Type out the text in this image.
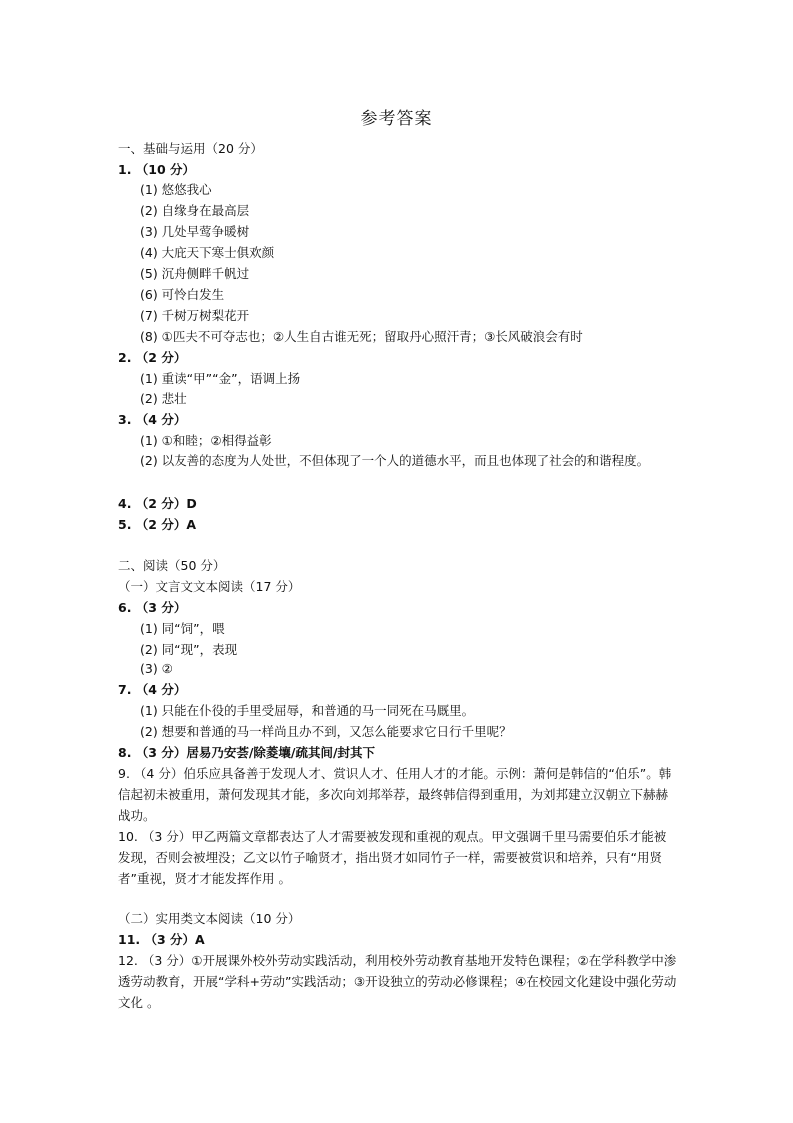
参考答案
一、基础与运用（20 分）
1. （10 分）
(1) 悠悠我心
(2) 自缘身在最高层
(3) 几处早莺争暖树
(4) 大庇天下寒士俱欢颜
(5) 沉舟侧畔千帆过
(6) 可怜白发生
(7) 千树万树梨花开
(8) ①匹夫不可夺志也；②人生自古谁无死；留取丹心照汗青；③长风破浪会有时
2. （2 分）
(1) 重读“甲”“金”，语调上扬
(2) 悲壮
3. （4 分）
(1) ①和睦；②相得益彰
(2) 以友善的态度为人处世，不但体现了一个人的道德水平，而且也体现了社会的和谐程度。
4. （2 分）D
5. （2 分）A
二、阅读（50 分）
（一）文言文文本阅读（17 分）
6. （3 分）
(1) 同“饲”，喂
(2) 同“现”，表现
(3) ②
7. （4 分）
(1) 只能在仆役的手里受屈辱，和普通的马一同死在马厩里。
(2) 想要和普通的马一样尚且办不到，又怎么能要求它日行千里呢？
8. （3 分）居易乃安荟/除菱壤/疏其间/封其下
9. （4 分）伯乐应具备善于发现人才、赏识人才、任用人才的才能。示例：萧何是韩信的“伯乐”。韩信起初未被重用，萧何发现其才能，多次向刘邦举荐，最终韩信得到重用，为刘邦建立汉朝立下赫赫战功。
10. （3 分）甲乙两篇文章都表达了人才需要被发现和重视的观点。甲文强调千里马需要伯乐才能被发现，否则会被埋没；乙文以竹子喻贤才，指出贤才如同竹子一样，需要被赏识和培养，只有“用贤者”重视，贤才才能发挥作用 。
（二）实用类文本阅读（10 分）
11. （3 分）A
12. （3 分）①开展课外校外劳动实践活动，利用校外劳动教育基地开发特色课程；②在学科教学中渗透劳动教育，开展“学科+劳动”实践活动；③开设独立的劳动必修课程；④在校园文化建设中强化劳动文化 。
